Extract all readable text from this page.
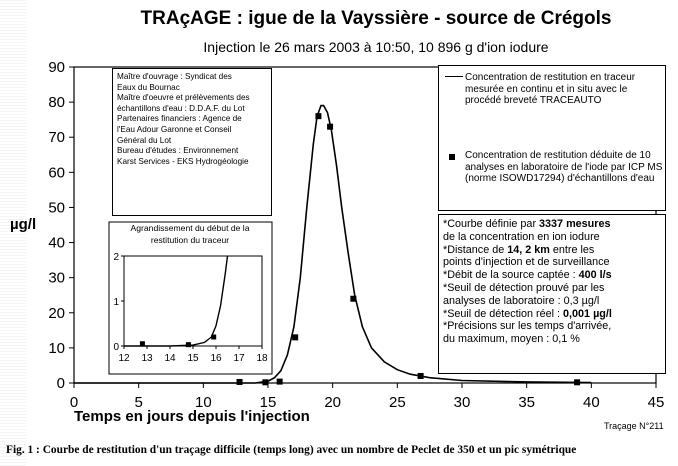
TRAçAGE : igue de la Vayssière - source de Crégols
Injection le 26 mars 2003 à 10:50, 10 896 g d'ion iodure
0
10
20
30
40
50
60
70
80
90
0	5	10	15	20	25	30	35	40	45
µg/l
Temps en jours depuis l'injection
Agrandissement du début de la
restitution du traceur
12 13 14 15 16 17 18
0
1
2
Maître d'ouvrage : Syndicat des
Eaux du Bournac
Maître d'oeuvre et prélèvements des
échantillons d'eau : D.D.A.F. du Lot
Partenaires financiers : Agence de
l'Eau Adour Garonne et Conseil
Général du Lot
Bureau d'études : Environnement
Karst Services - EKS Hydrogéologie
Concentration de restitution en traceur mesurée en continu et in situ avec le procédé breveté TRACEAUTO
Concentration de restitution déduite de 10 analyses en laboratoire de l'iode par ICP MS (norme ISOWD17294) d'échantillons d'eau
*Courbe définie par 3337 mesures
de la concentration en ion iodure
*Distance de 14, 2 km entre les
points d'injection et de surveillance
*Débit de la source captée : 400 l/s
*Seuil de détection prouvé par les
analyses de laboratoire : 0,3 µg/l
*Seuil de détection réel : 0,001 µg/l
*Précisions sur les temps d'arrivée,
du maximum, moyen : 0,1 %
Traçage N°211
Fig. 1 : Courbe de restitution d'un traçage difficile (temps long) avec un nombre de Peclet de 350 et un pic symétrique
